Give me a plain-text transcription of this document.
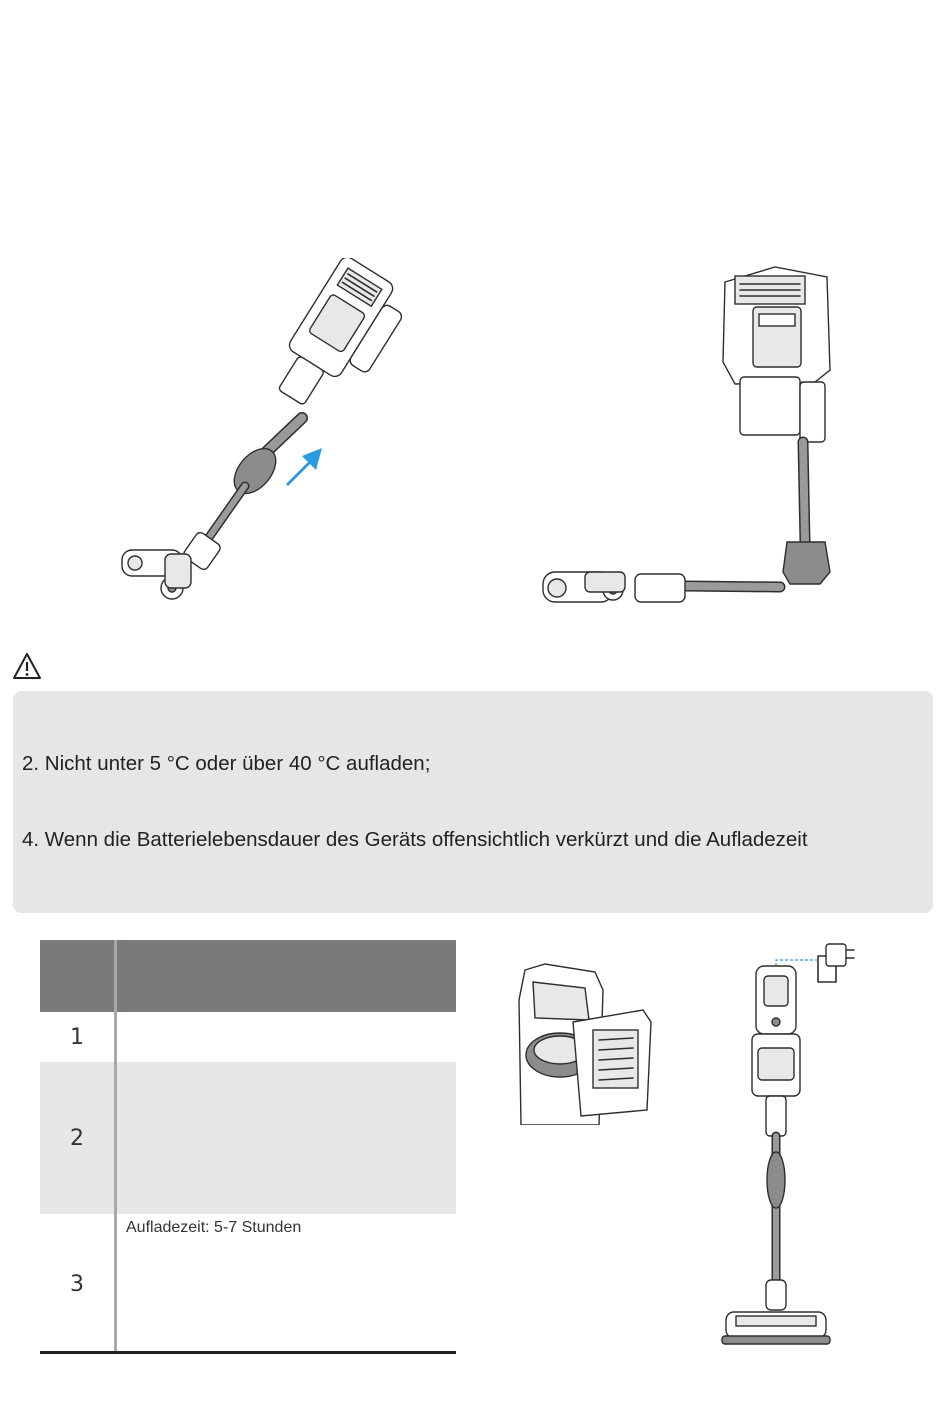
2. Nicht unter 5 °C oder über 40 °C aufladen;
4. Wenn die Batterielebensdauer des Geräts offensichtlich verkürzt und die Aufladezeit
1
2
3
Aufladezeit: 5-7 Stunden
